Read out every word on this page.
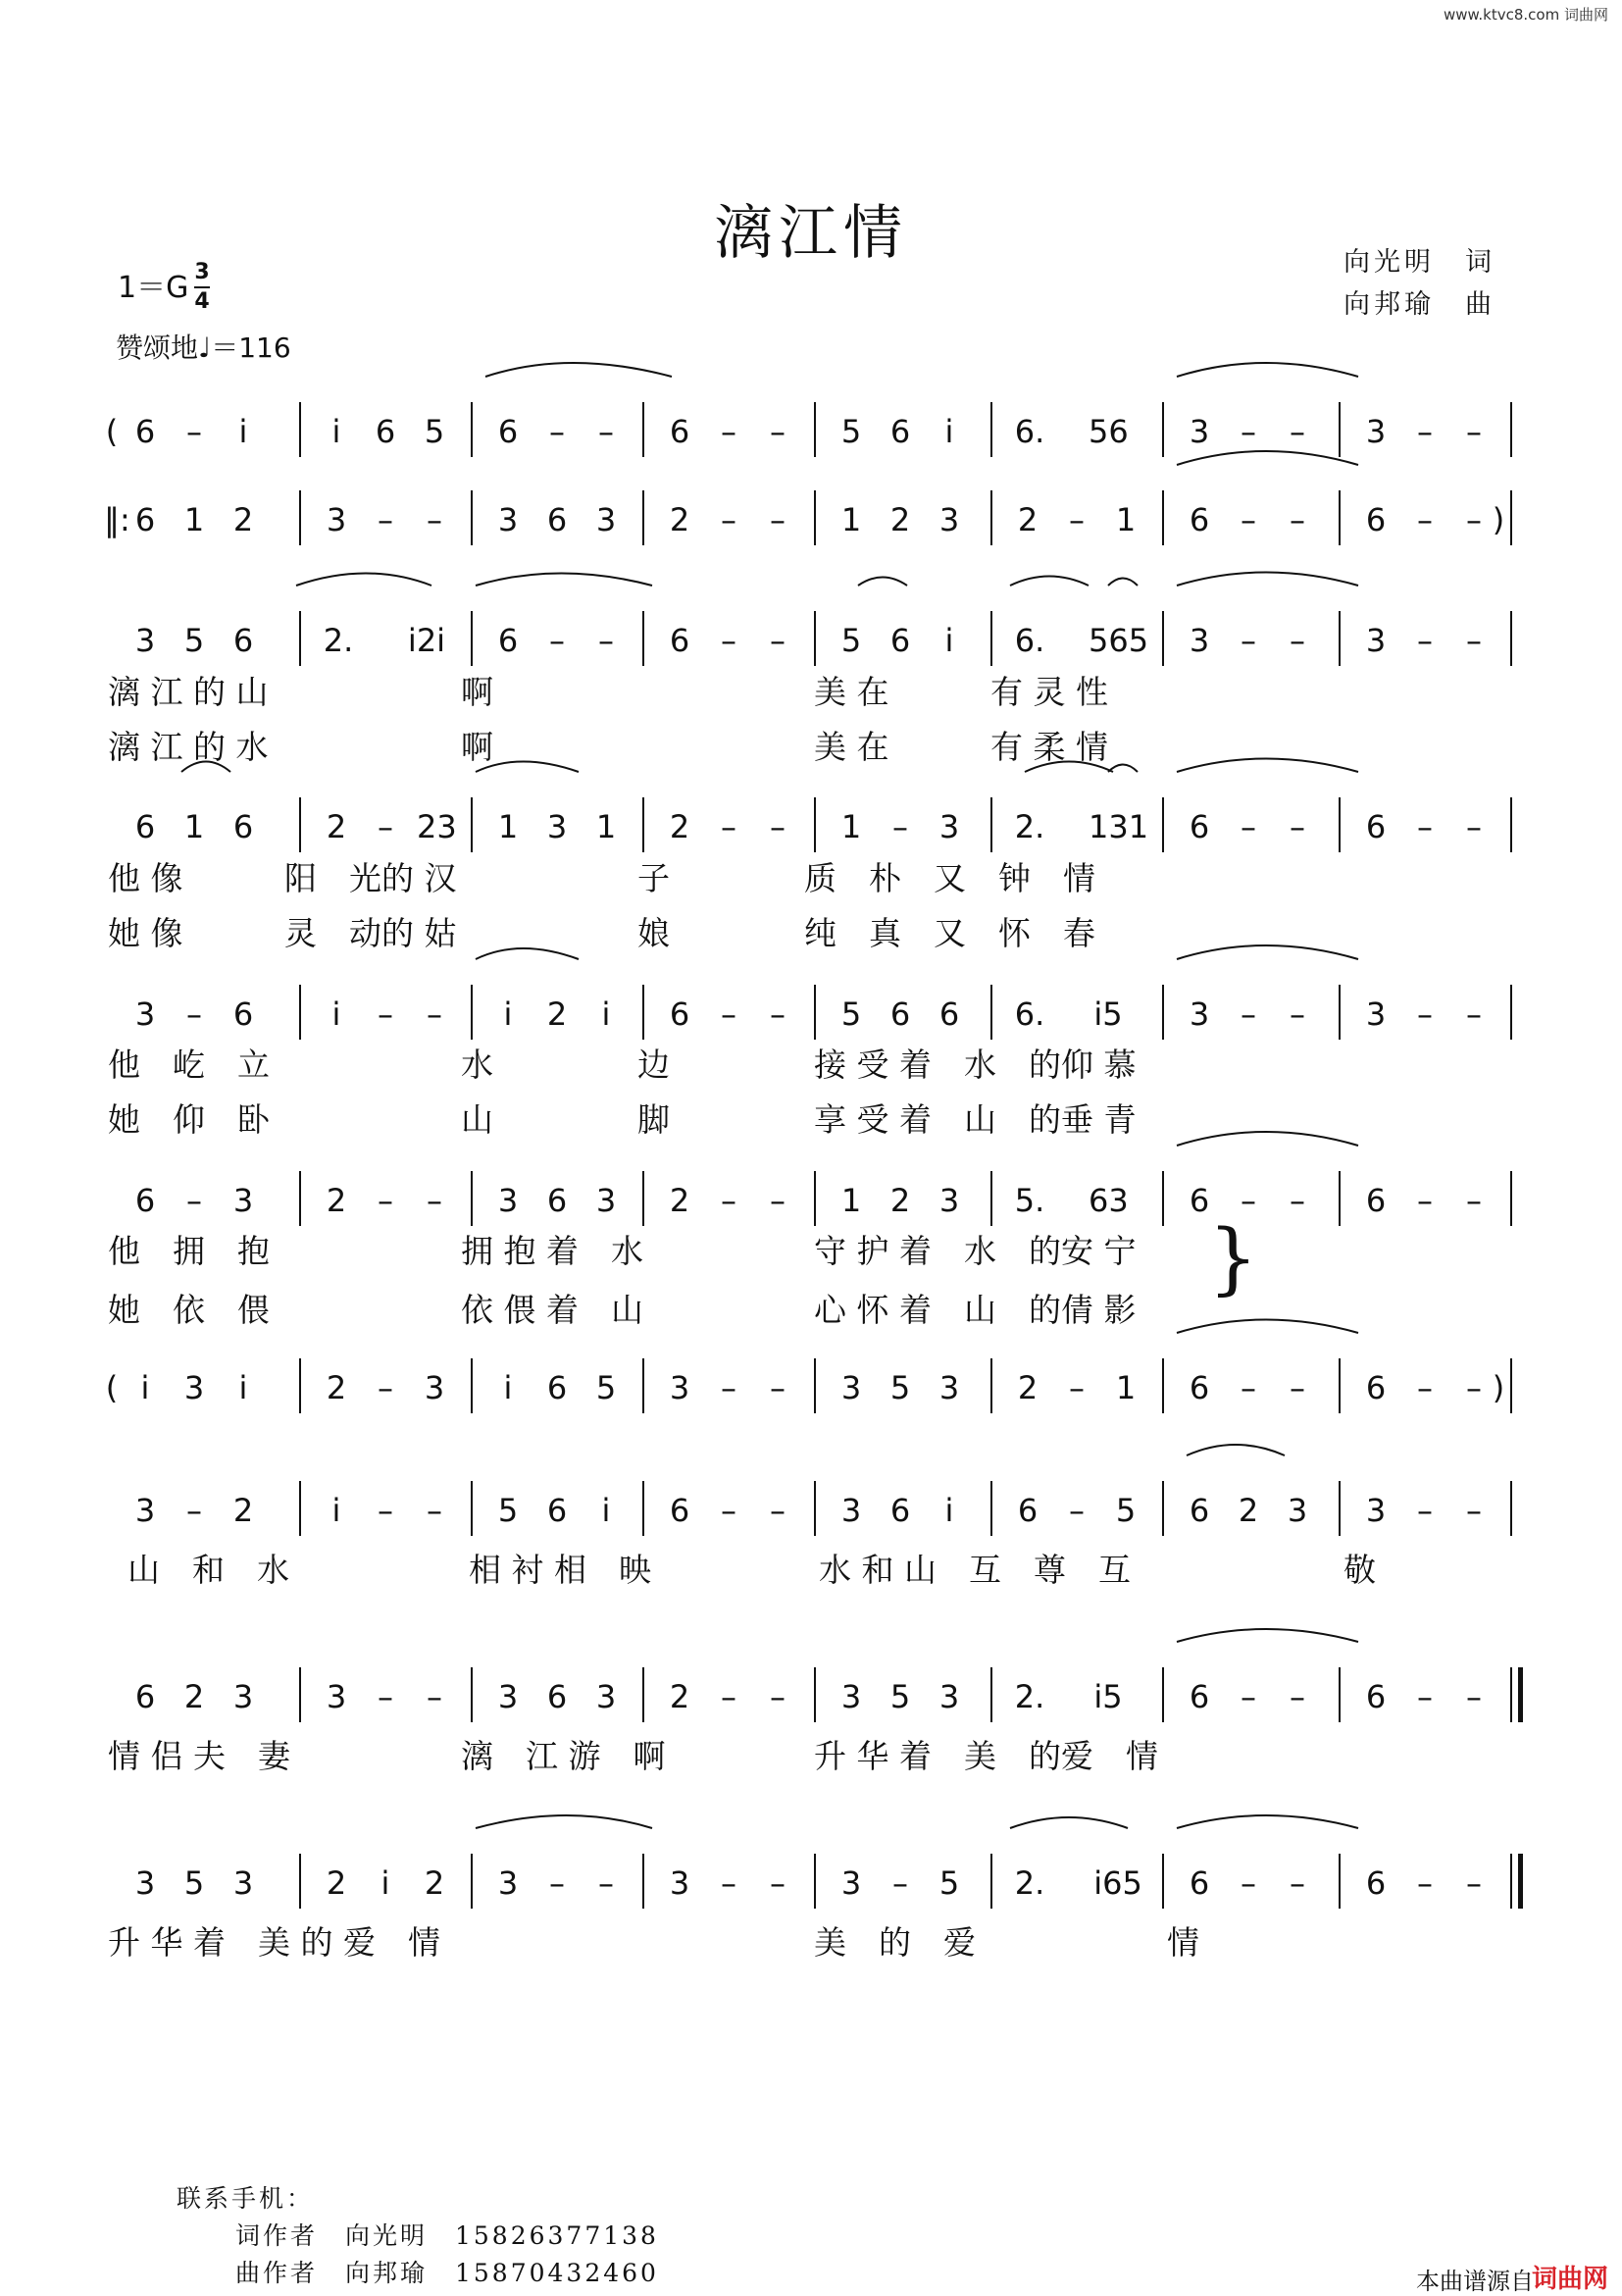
www.ktvc8.com 词曲网
漓江情	向光明　词
向邦瑜　曲
1＝G 3
4
赞颂地♩＝116
( 6 –	i	i	6 5 6 –	–	6 –	–	5 6	i	6. 56 3 –	–	3 –	–
‖: 6 1 2 3 –	–	3 6 3 2 –	–	1 2 3 2 – 1 6 –	–	6 –	– )
3 5 6 2.	i2i	6 –	–	6 –	–	5 6	i	6. 565 3 –	–	3 –	–
6 1 6 2 – 23 1 3 1 2 –	–	1 – 3 2. 131 6 –	–	6 –	–
3 – 6	i	–	–	i	2	i	6 –	–	5 6 6 6. i5 3 –	–	3 –	–
6 – 3 2 –	–	3 6 3 2 –	–	1 2 3 5. 63 6 –	–	6 –	–
( i	3	i	2 – 3	i	6 5 3 –	–	3 5 3 2 – 1 6 –	–	6 –	– )
3 – 2	i	–	–	5 6	i	6 –	–	3 6	i	6 – 5 6 2 3 3 –	–
6 2 3 3 –	–	3 6 3 2 –	–	3 5 3 2. i5 6 –	–	6 –	–
3 5 3 2	i	2 3 –	–	3 –	–	3 – 5 2. i65 6 –	–	6 –	–
漓 江 的 山	啊	美 在	有 灵 性
漓 江 的 水	啊	美 在	有 柔 情
他 像	阳　光的 汉	子	质　朴　又　钟　情
她 像	灵　动的 姑	娘	纯　真　又　怀　春
他　屹　立	水	边	接 受 着　水　的仰 慕
她　仰　卧	山	脚	享 受 着　山　的垂 青
他　拥　抱	拥 抱 着　水	守 护 着　水　的安 宁
她　依　偎	依 偎 着　山	心 怀 着　山　的倩 影
山　和　水	相 衬 相　映	水 和 山　互　尊　互	敬
情 侣 夫　妻	漓　江 游　啊	升 华 着　美　的爱　情
升 华 着　美 的 爱　情	美　的　爱	情
}
联系手机：
词作者　向光明　15826377138
曲作者　向邦瑜　15870432460	本曲谱源自
词曲网
